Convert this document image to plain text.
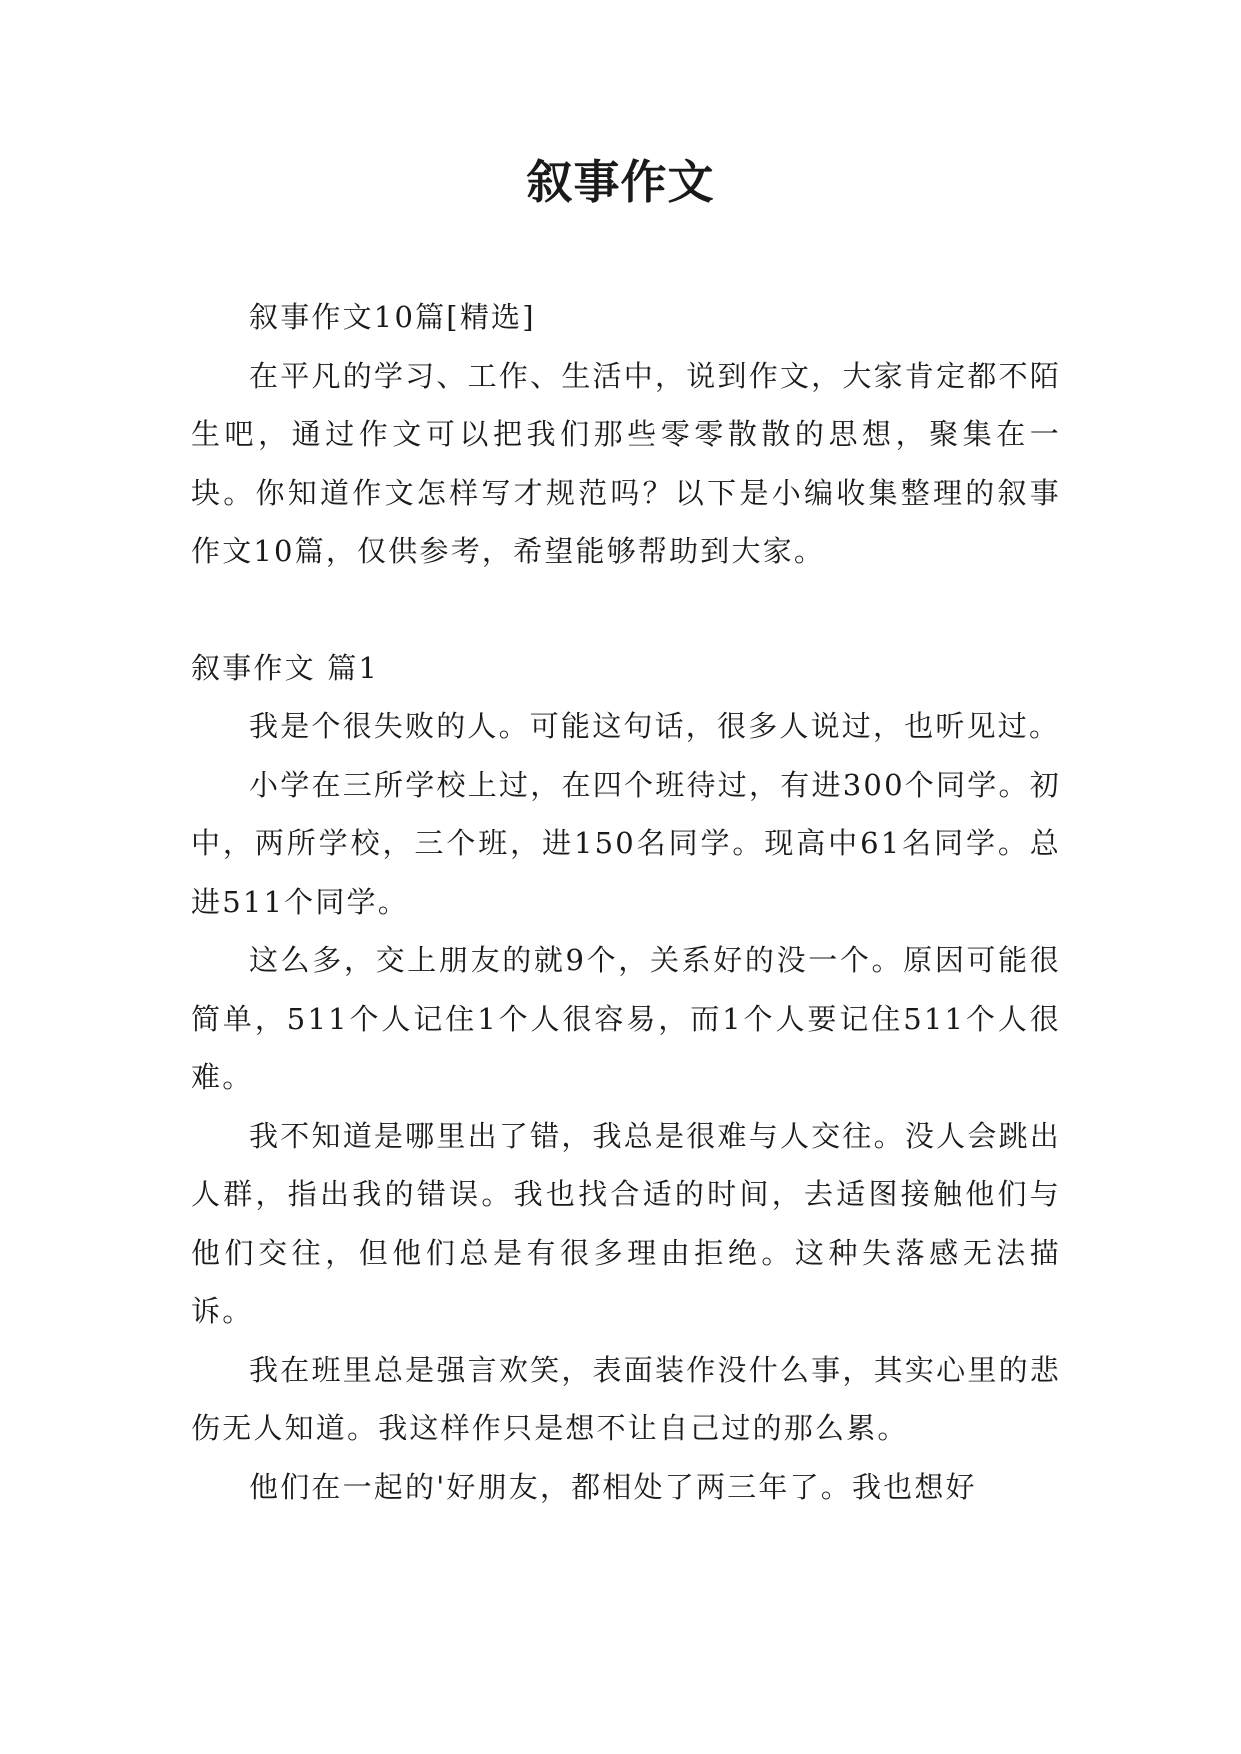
叙事作文

叙事作文10篇[精选]

在平凡的学习、工作、生活中，说到作文，大家肯定都不陌生吧，通过作文可以把我们那些零零散散的思想，聚集在一块。你知道作文怎样写才规范吗？以下是小编收集整理的叙事作文10篇，仅供参考，希望能够帮助到大家。

叙事作文 篇1

我是个很失败的人。可能这句话，很多人说过，也听见过。

小学在三所学校上过，在四个班待过，有进300个同学。初中，两所学校，三个班，进150名同学。现高中61名同学。总进511个同学。

这么多，交上朋友的就9个，关系好的没一个。原因可能很简单，511个人记住1个人很容易，而1个人要记住511个人很难。

我不知道是哪里出了错，我总是很难与人交往。没人会跳出人群，指出我的错误。我也找合适的时间，去适图接触他们与他们交往，但他们总是有很多理由拒绝。这种失落感无法描诉。

我在班里总是强言欢笑，表面装作没什么事，其实心里的悲伤无人知道。我这样作只是想不让自己过的那么累。

他们在一起的'好朋友，都相处了两三年了。我也想好
